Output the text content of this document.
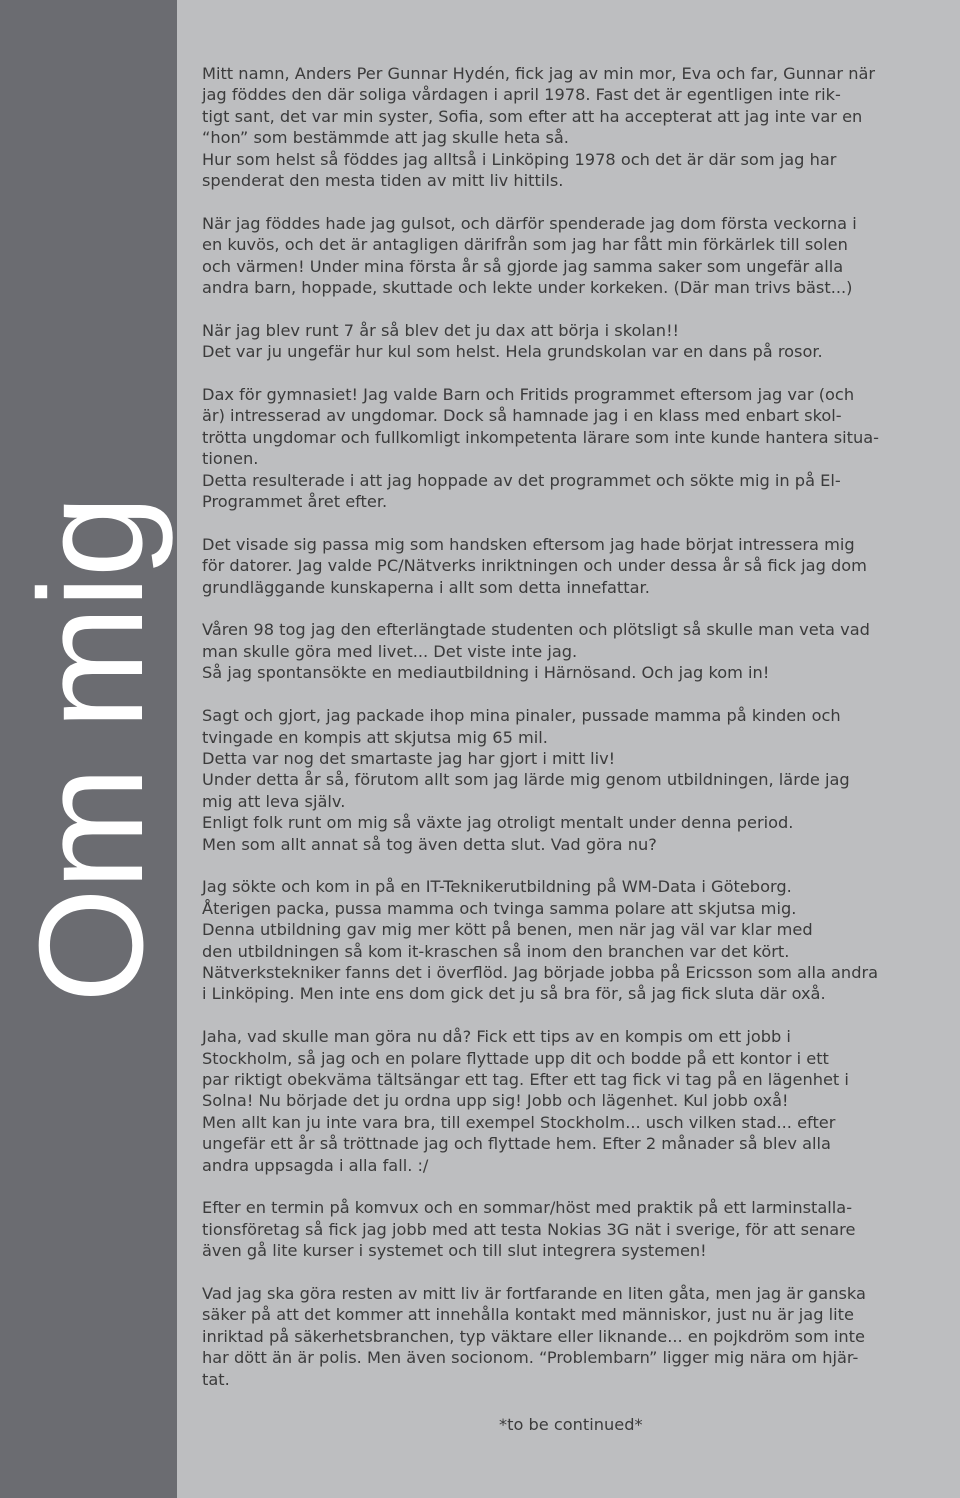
Om mig
Mitt namn, Anders Per Gunnar Hydén, fick jag av min mor, Eva och far, Gunnar när
jag föddes den där soliga vårdagen i april 1978. Fast det är egentligen inte rik-
tigt sant, det var min syster, Sofia, som efter att ha accepterat att jag inte var en
“hon” som bestämmde att jag skulle heta så.
Hur som helst så föddes jag alltså i Linköping 1978 och det är där som jag har
spenderat den mesta tiden av mitt liv hittils.
När jag föddes hade jag gulsot, och därför spenderade jag dom första veckorna i
en kuvös, och det är antagligen därifrån som jag har fått min förkärlek till solen
och värmen! Under mina första år så gjorde jag samma saker som ungefär alla
andra barn, hoppade, skuttade och lekte under korkeken. (Där man trivs bäst...)
När jag blev runt 7 år så blev det ju dax att börja i skolan!!
Det var ju ungefär hur kul som helst. Hela grundskolan var en dans på rosor.
Dax för gymnasiet! Jag valde Barn och Fritids programmet eftersom jag var (och
är) intresserad av ungdomar. Dock så hamnade jag i en klass med enbart skol-
trötta ungdomar och fullkomligt inkompetenta lärare som inte kunde hantera situa-
tionen.
Detta resulterade i att jag hoppade av det programmet och sökte mig in på El-
Programmet året efter.
Det visade sig passa mig som handsken eftersom jag hade börjat intressera mig
för datorer. Jag valde PC/Nätverks inriktningen och under dessa år så fick jag dom
grundläggande kunskaperna i allt som detta innefattar.
Våren 98 tog jag den efterlängtade studenten och plötsligt så skulle man veta vad
man skulle göra med livet... Det viste inte jag.
Så jag spontansökte en mediautbildning i Härnösand. Och jag kom in!
Sagt och gjort, jag packade ihop mina pinaler, pussade mamma på kinden och
tvingade en kompis att skjutsa mig 65 mil.
Detta var nog det smartaste jag har gjort i mitt liv!
Under detta år så, förutom allt som jag lärde mig genom utbildningen, lärde jag
mig att leva själv.
Enligt folk runt om mig så växte jag otroligt mentalt under denna period.
Men som allt annat så tog även detta slut. Vad göra nu?
Jag sökte och kom in på en IT-Teknikerutbildning på WM-Data i Göteborg.
Återigen packa, pussa mamma och tvinga samma polare att skjutsa mig.
Denna utbildning gav mig mer kött på benen, men när jag väl var klar med
den utbildningen så kom it-kraschen så inom den branchen var det kört.
Nätverkstekniker fanns det i överflöd. Jag började jobba på Ericsson som alla andra
i Linköping. Men inte ens dom gick det ju så bra för, så jag fick sluta där oxå.
Jaha, vad skulle man göra nu då? Fick ett tips av en kompis om ett jobb i
Stockholm, så jag och en polare flyttade upp dit och bodde på ett kontor i ett
par riktigt obekväma tältsängar ett tag. Efter ett tag fick vi tag på en lägenhet i
Solna! Nu började det ju ordna upp sig! Jobb och lägenhet. Kul jobb oxå!
Men allt kan ju inte vara bra, till exempel Stockholm... usch vilken stad... efter
ungefär ett år så tröttnade jag och flyttade hem. Efter 2 månader så blev alla
andra uppsagda i alla fall. :/
Efter en termin på komvux och en sommar/höst med praktik på ett larminstalla-
tionsföretag så fick jag jobb med att testa Nokias 3G nät i sverige, för att senare
även gå lite kurser i systemet och till slut integrera systemen!
Vad jag ska göra resten av mitt liv är fortfarande en liten gåta, men jag är ganska
säker på att det kommer att innehålla kontakt med människor, just nu är jag lite
inriktad på säkerhetsbranchen, typ väktare eller liknande... en pojkdröm som inte
har dött än är polis. Men även socionom. “Problembarn” ligger mig nära om hjär-
tat.
*to be continued*
